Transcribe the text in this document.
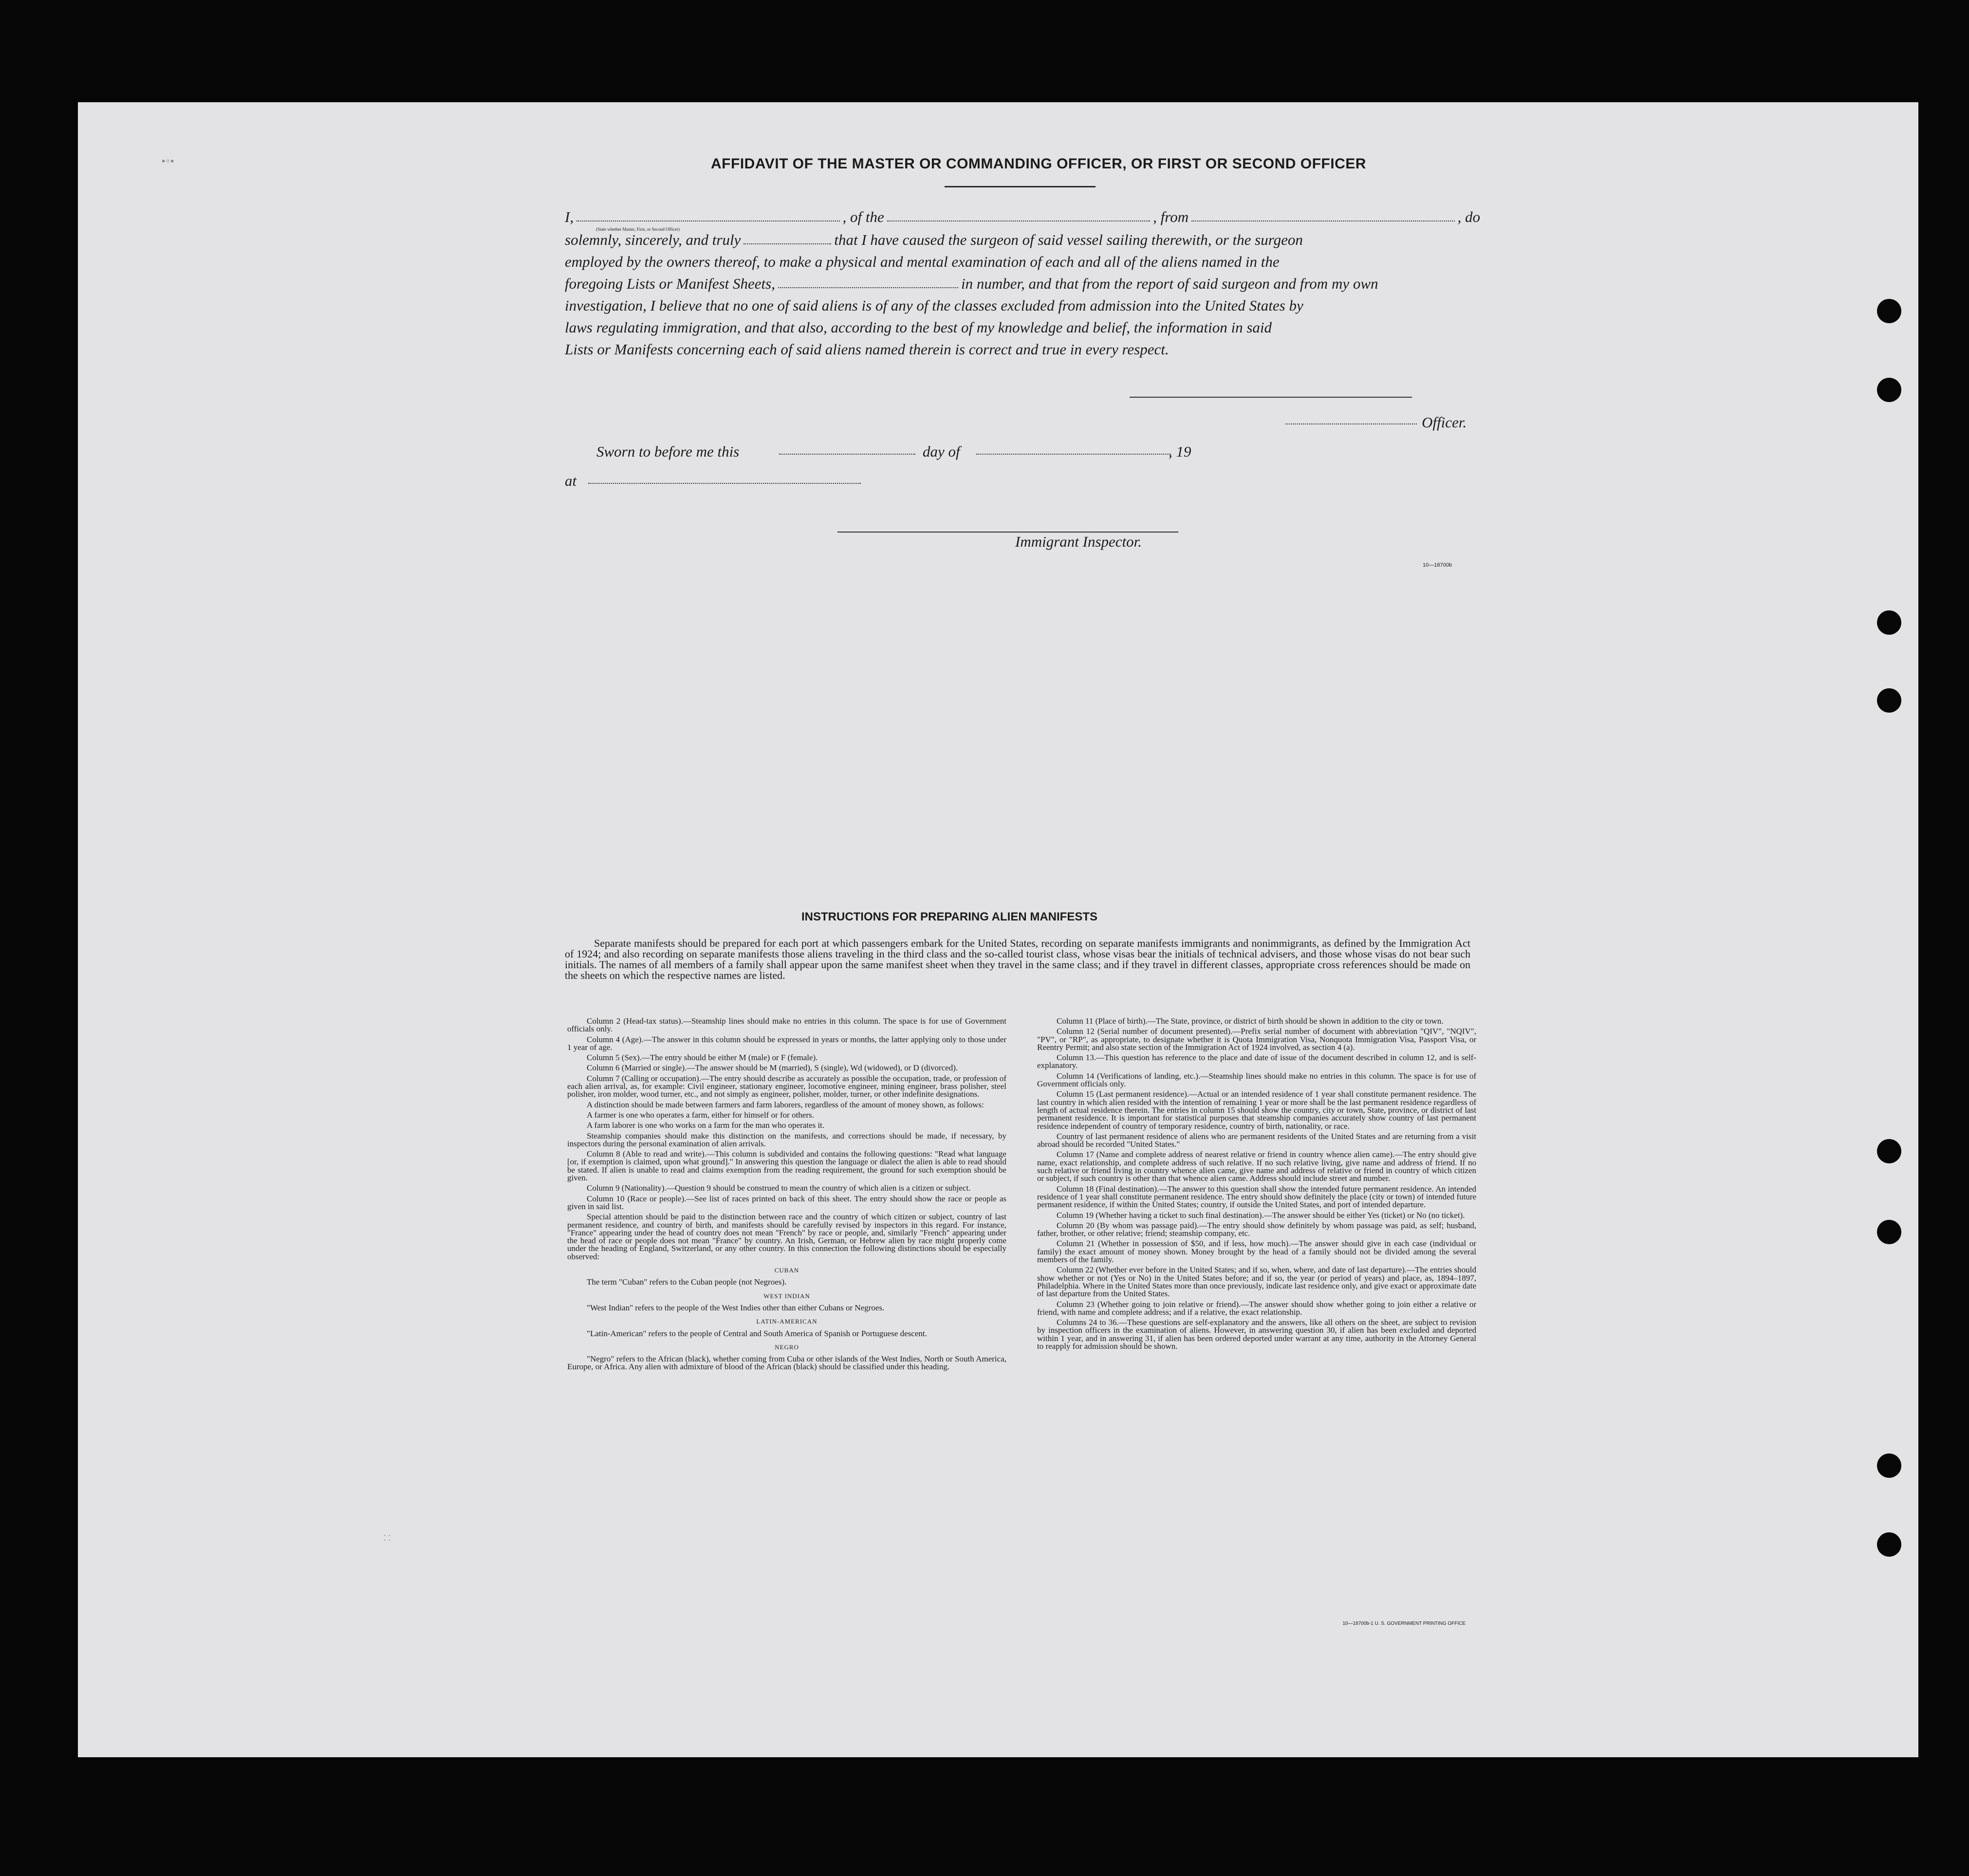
▪▫▪	AFFIDAVIT OF THE MASTER OR COMMANDING OFFICER, OR FIRST OR SECOND OFFICER
I,
(State whether Master, First, or Second Officer)
, of the	, from	, do
solemnly, sincerely, and truly	that I have caused the surgeon of said vessel sailing therewith, or the surgeon
employed by the owners thereof, to make a physical and mental examination of each and all of the aliens named in the
foregoing Lists or Manifest Sheets,	in number, and that from the report of said surgeon and from my own
investigation, I believe that no one of said aliens is of any of the classes excluded from admission into the United States by
laws regulating immigration, and that also, according to the best of my knowledge and belief, the information in said
Lists or Manifests concerning each of said aliens named therein is correct and true in every respect.
Officer.
Sworn to before me this	day of	, 19
at
Immigrant Inspector.
10—18700b
INSTRUCTIONS FOR PREPARING ALIEN MANIFESTS

Separate manifests should be prepared for each port at which passengers embark for the United States, recording on separate manifests immigrants and nonimmigrants, as defined by the Immigration Act of 1924; and also recording on separate manifests those aliens traveling in the third class and the so-called tourist class, whose visas bear the initials of technical advisers, and those whose visas do not bear such initials. The names of all members of a family shall appear upon the same manifest sheet when they travel in the same class; and if they travel in different classes, appropriate cross references should be made on the sheets on which the respective names are listed.

Column 2 (Head-tax status).—Steamship lines should make no entries in this column. The space is for use of Government officials only.

Column 4 (Age).—The answer in this column should be expressed in years or months, the latter applying only to those under 1 year of age.

Column 5 (Sex).—The entry should be either M (male) or F (female).

Column 6 (Married or single).—The answer should be M (married), S (single), Wd (widowed), or D (divorced).

Column 7 (Calling or occupation).—The entry should describe as accurately as possible the occupation, trade, or profession of each alien arrival, as, for example: Civil engineer, stationary engineer, locomotive engineer, mining engineer, brass polisher, steel polisher, iron molder, wood turner, etc., and not simply as engineer, polisher, molder, turner, or other indefinite designations.

A distinction should be made between farmers and farm laborers, regardless of the amount of money shown, as follows:

A farmer is one who operates a farm, either for himself or for others.

A farm laborer is one who works on a farm for the man who operates it.

Steamship companies should make this distinction on the manifests, and corrections should be made, if necessary, by inspectors during the personal examination of alien arrivals.

Column 8 (Able to read and write).—This column is subdivided and contains the following questions: "Read what language [or, if exemption is claimed, upon what ground]." In answering this question the language or dialect the alien is able to read should be stated. If alien is unable to read and claims exemption from the reading requirement, the ground for such exemption should be given.

Column 9 (Nationality).—Question 9 should be construed to mean the country of which alien is a citizen or subject.

Column 10 (Race or people).—See list of races printed on back of this sheet. The entry should show the race or people as given in said list.

Special attention should be paid to the distinction between race and the country of which citizen or subject, country of last permanent residence, and country of birth, and manifests should be carefully revised by inspectors in this regard. For instance, "France" appearing under the head of country does not mean "French" by race or people, and, similarly "French" appearing under the head of race or people does not mean "France" by country. An Irish, German, or Hebrew alien by race might properly come under the heading of England, Switzerland, or any other country. In this connection the following distinctions should be especially observed:

CUBAN

The term "Cuban" refers to the Cuban people (not Negroes).

WEST INDIAN

"West Indian" refers to the people of the West Indies other than either Cubans or Negroes.

LATIN-AMERICAN

"Latin-American" refers to the people of Central and South America of Spanish or Portuguese descent.

NEGRO

"Negro" refers to the African (black), whether coming from Cuba or other islands of the West Indies, North or South America, Europe, or Africa. Any alien with admixture of blood of the African (black) should be classified under this heading.

Column 11 (Place of birth).—The State, province, or district of birth should be shown in addition to the city or town.

Column 12 (Serial number of document presented).—Prefix serial number of document with abbreviation "QIV", "NQIV", "PV", or "RP", as appropriate, to designate whether it is Quota Immigration Visa, Nonquota Immigration Visa, Passport Visa, or Reentry Permit; and also state section of the Immigration Act of 1924 involved, as section 4 (a).

Column 13.—This question has reference to the place and date of issue of the document described in column 12, and is self-explanatory.

Column 14 (Verifications of landing, etc.).—Steamship lines should make no entries in this column. The space is for use of Government officials only.

Column 15 (Last permanent residence).—Actual or an intended residence of 1 year shall constitute permanent residence. The last country in which alien resided with the intention of remaining 1 year or more shall be the last permanent residence regardless of length of actual residence therein. The entries in column 15 should show the country, city or town, State, province, or district of last permanent residence. It is important for statistical purposes that steamship companies accurately show country of last permanent residence independent of country of temporary residence, country of birth, nationality, or race.

Country of last permanent residence of aliens who are permanent residents of the United States and are returning from a visit abroad should be recorded "United States."

Column 17 (Name and complete address of nearest relative or friend in country whence alien came).—The entry should give name, exact relationship, and complete address of such relative. If no such relative living, give name and address of friend. If no such relative or friend living in country whence alien came, give name and address of relative or friend in country of which citizen or subject, if such country is other than that whence alien came. Address should include street and number.

Column 18 (Final destination).—The answer to this question shall show the intended future permanent residence. An intended residence of 1 year shall constitute permanent residence. The entry should show definitely the place (city or town) of intended future permanent residence, if within the United States; country, if outside the United States, and port of intended departure.

Column 19 (Whether having a ticket to such final destination).—The answer should be either Yes (ticket) or No (no ticket).

Column 20 (By whom was passage paid).—The entry should show definitely by whom passage was paid, as self; husband, father, brother, or other relative; friend; steamship company, etc.

Column 21 (Whether in possession of $50, and if less, how much).—The answer should give in each case (individual or family) the exact amount of money shown. Money brought by the head of a family should not be divided among the several members of the family.

Column 22 (Whether ever before in the United States; and if so, when, where, and date of last departure).—The entries should show whether or not (Yes or No) in the United States before; and if so, the year (or period of years) and place, as, 1894–1897, Philadelphia. Where in the United States more than once previously, indicate last residence only, and give exact or approximate date of last departure from the United States.

Column 23 (Whether going to join relative or friend).—The answer should show whether going to join either a relative or friend, with name and complete address; and if a relative, the exact relationship.

Columns 24 to 36.—These questions are self-explanatory and the answers, like all others on the sheet, are subject to revision by inspection officers in the examination of aliens. However, in answering question 30, if alien has been excluded and deported within 1 year, and in answering 31, if alien has been ordered deported under warrant at any time, authority in the Attorney General to reapply for admission should be shown.

10—18700b-1 U. S. GOVERNMENT PRINTING OFFICE
⁚ ⁚
